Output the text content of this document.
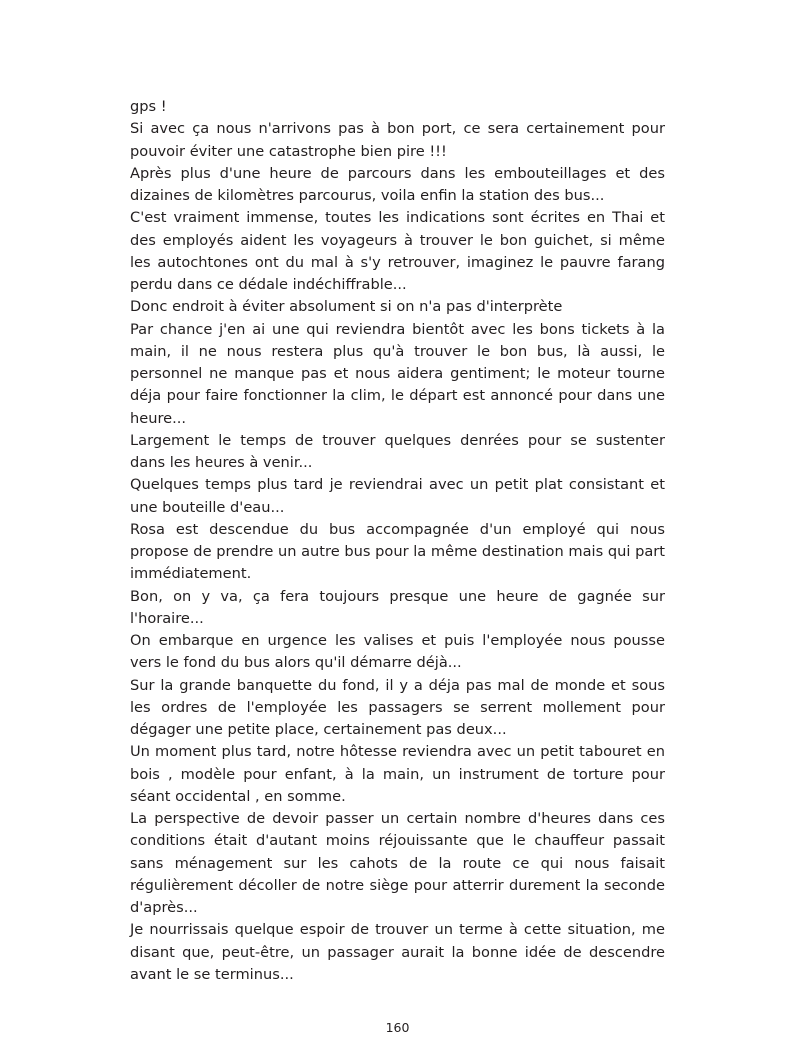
gps !

Si avec ça nous n'arrivons pas à bon port, ce sera certainement pour pouvoir éviter une catastrophe bien pire !!!

Après plus d'une heure de parcours dans les embouteillages et des dizaines de kilomètres parcourus, voila enfin la station des bus...

C'est vraiment immense, toutes les indications sont écrites en Thai et des employés aident les voyageurs à trouver le bon guichet, si même les autochtones ont du mal à s'y retrouver, imaginez le pauvre farang perdu dans ce dédale indéchiffrable...

Donc endroit à éviter absolument si on n'a pas d'interprète

Par chance j'en ai une qui reviendra bientôt avec les bons tickets à la main, il ne nous restera plus qu'à trouver le bon bus, là aussi, le personnel ne manque pas et nous aidera gentiment; le moteur tourne déja pour faire fonctionner la clim, le départ est annoncé pour dans une heure...

Largement le temps de trouver quelques denrées pour se sustenter dans les heures à venir...

Quelques temps plus tard je reviendrai avec un petit plat consistant et une bouteille d'eau...

Rosa est descendue du bus accompagnée d'un employé qui nous propose de prendre un autre bus pour la même destination mais qui part immédiatement.

Bon, on y va, ça fera toujours presque une heure de gagnée sur l'horaire...

On embarque en urgence les valises et puis l'employée nous pousse vers le fond du bus alors qu'il démarre déjà...

Sur la grande banquette du fond, il y a déja pas mal de monde et sous les ordres de l'employée les passagers se serrent mollement pour dégager une petite place, certainement pas deux...

Un moment plus tard, notre hôtesse reviendra avec un petit tabouret en bois , modèle pour enfant, à la main, un instrument de torture pour séant occidental , en somme.

La perspective de devoir passer un certain nombre d'heures dans ces conditions était d'autant moins réjouissante que le chauffeur passait sans ménagement sur les cahots de la route ce qui nous faisait régulièrement décoller de notre siège pour atterrir durement la seconde d'après...

Je nourrissais quelque espoir de trouver un terme à cette situation, me disant que, peut-être, un passager aurait la bonne idée de descendre avant le se terminus...

160
